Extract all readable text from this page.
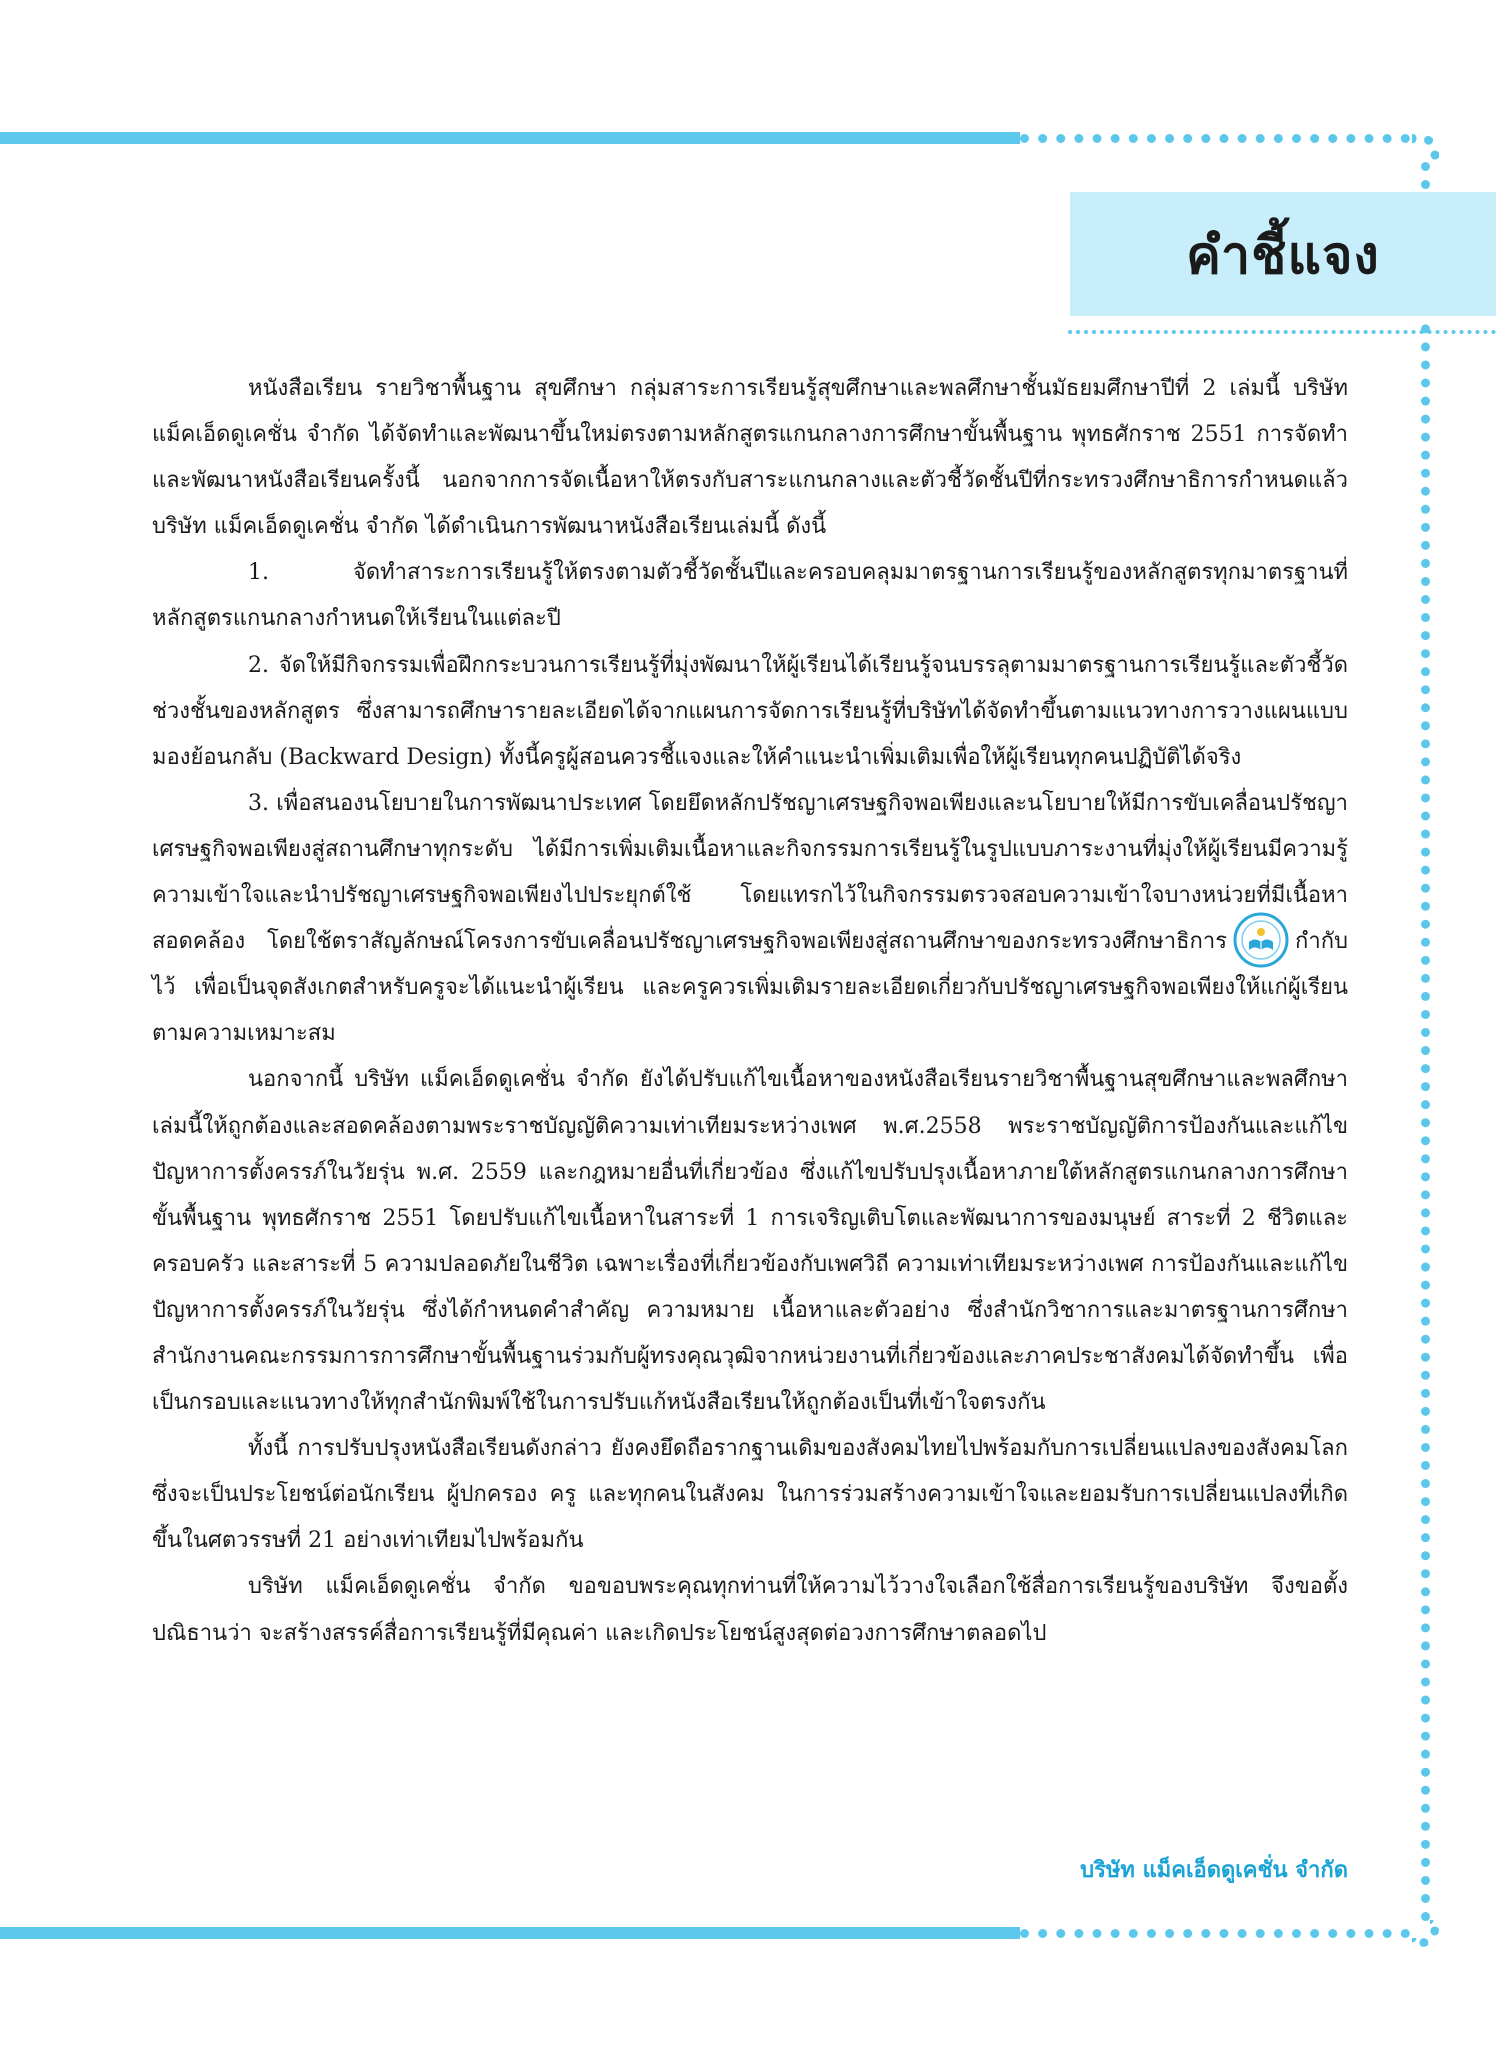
คำชี้แจง

หนังสือเรียน รายวิชาพื้นฐาน สุขศึกษา กลุ่มสาระการเรียนรู้สุขศึกษาและพลศึกษาชั้นมัธยมศึกษาปีที่ 2 เล่มนี้ บริษัท แม็คเอ็ดดูเคชั่น จำกัด ได้จัดทำและพัฒนาขึ้นใหม่ตรงตามหลักสูตรแกนกลางการศึกษาขั้นพื้นฐาน พุทธศักราช 2551 การจัดทำและพัฒนาหนังสือเรียนครั้งนี้ นอกจากการจัดเนื้อหาให้ตรงกับสาระแกนกลางและตัวชี้วัดชั้นปีที่กระทรวงศึกษาธิการกำหนดแล้ว บริษัท แม็คเอ็ดดูเคชั่น จำกัด ได้ดำเนินการพัฒนาหนังสือเรียนเล่มนี้ ดังนี้

1. จัดทำสาระการเรียนรู้ให้ตรงตามตัวชี้วัดชั้นปีและครอบคลุมมาตรฐานการเรียนรู้ของหลักสูตรทุกมาตรฐานที่หลักสูตรแกนกลางกำหนดให้เรียนในแต่ละปี

2. จัดให้มีกิจกรรมเพื่อฝึกกระบวนการเรียนรู้ที่มุ่งพัฒนาให้ผู้เรียนได้เรียนรู้จนบรรลุตามมาตรฐานการเรียนรู้และตัวชี้วัดช่วงชั้นของหลักสูตร ซึ่งสามารถศึกษารายละเอียดได้จากแผนการจัดการเรียนรู้ที่บริษัทได้จัดทำขึ้นตามแนวทางการวางแผนแบบมองย้อนกลับ (Backward Design) ทั้งนี้ครูผู้สอนควรชี้แจงและให้คำแนะนำเพิ่มเติมเพื่อให้ผู้เรียนทุกคนปฏิบัติได้จริง

3. เพื่อสนองนโยบายในการพัฒนาประเทศ โดยยึดหลักปรัชญาเศรษฐกิจพอเพียงและนโยบายให้มีการขับเคลื่อนปรัชญาเศรษฐกิจพอเพียงสู่สถานศึกษาทุกระดับ ได้มีการเพิ่มเติมเนื้อหาและกิจกรรมการเรียนรู้ในรูปแบบภาระงานที่มุ่งให้ผู้เรียนมีความรู้ความเข้าใจและนำปรัชญาเศรษฐกิจพอเพียงไปประยุกต์ใช้ โดยแทรกไว้ในกิจกรรมตรวจสอบความเข้าใจบางหน่วยที่มีเนื้อหาสอดคล้อง โดยใช้ตราสัญลักษณ์โครงการขับเคลื่อนปรัชญาเศรษฐกิจพอเพียงสู่สถานศึกษาของกระทรวงศึกษาธิการ	กำกับไว้ เพื่อเป็นจุดสังเกตสำหรับครูจะได้แนะนำผู้เรียน และครูควรเพิ่มเติมรายละเอียดเกี่ยวกับปรัชญาเศรษฐกิจพอเพียงให้แก่ผู้เรียนตามความเหมาะสม

นอกจากนี้ บริษัท แม็คเอ็ดดูเคชั่น จำกัด ยังได้ปรับแก้ไขเนื้อหาของหนังสือเรียนรายวิชาพื้นฐานสุขศึกษาและพลศึกษาเล่มนี้ให้ถูกต้องและสอดคล้องตามพระราชบัญญัติความเท่าเทียมระหว่างเพศ พ.ศ.2558 พระราชบัญญัติการป้องกันและแก้ไขปัญหาการตั้งครรภ์ในวัยรุ่น พ.ศ. 2559 และกฎหมายอื่นที่เกี่ยวข้อง ซึ่งแก้ไขปรับปรุงเนื้อหาภายใต้หลักสูตรแกนกลางการศึกษาขั้นพื้นฐาน พุทธศักราช 2551 โดยปรับแก้ไขเนื้อหาในสาระที่ 1 การเจริญเติบโตและพัฒนาการของมนุษย์ สาระที่ 2 ชีวิตและครอบครัว และสาระที่ 5 ความปลอดภัยในชีวิต เฉพาะเรื่องที่เกี่ยวข้องกับเพศวิถี ความเท่าเทียมระหว่างเพศ การป้องกันและแก้ไขปัญหาการตั้งครรภ์ในวัยรุ่น ซึ่งได้กำหนดคำสำคัญ ความหมาย เนื้อหาและตัวอย่าง ซึ่งสำนักวิชาการและมาตรฐานการศึกษา สำนักงานคณะกรรมการการศึกษาขั้นพื้นฐานร่วมกับผู้ทรงคุณวุฒิจากหน่วยงานที่เกี่ยวข้องและภาคประชาสังคมได้จัดทำขึ้น เพื่อเป็นกรอบและแนวทางให้ทุกสำนักพิมพ์ใช้ในการปรับแก้หนังสือเรียนให้ถูกต้องเป็นที่เข้าใจตรงกัน

ทั้งนี้ การปรับปรุงหนังสือเรียนดังกล่าว ยังคงยึดถือรากฐานเดิมของสังคมไทยไปพร้อมกับการเปลี่ยนแปลงของสังคมโลก ซึ่งจะเป็นประโยชน์ต่อนักเรียน ผู้ปกครอง ครู และทุกคนในสังคม ในการร่วมสร้างความเข้าใจและยอมรับการเปลี่ยนแปลงที่เกิดขึ้นในศตวรรษที่ 21 อย่างเท่าเทียมไปพร้อมกัน

บริษัท แม็คเอ็ดดูเคชั่น จำกัด ขอขอบพระคุณทุกท่านที่ให้ความไว้วางใจเลือกใช้สื่อการเรียนรู้ของบริษัท จึงขอตั้งปณิธานว่า จะสร้างสรรค์สื่อการเรียนรู้ที่มีคุณค่า และเกิดประโยชน์สูงสุดต่อวงการศึกษาตลอดไป

บริษัท แม็คเอ็ดดูเคชั่น จำกัด
